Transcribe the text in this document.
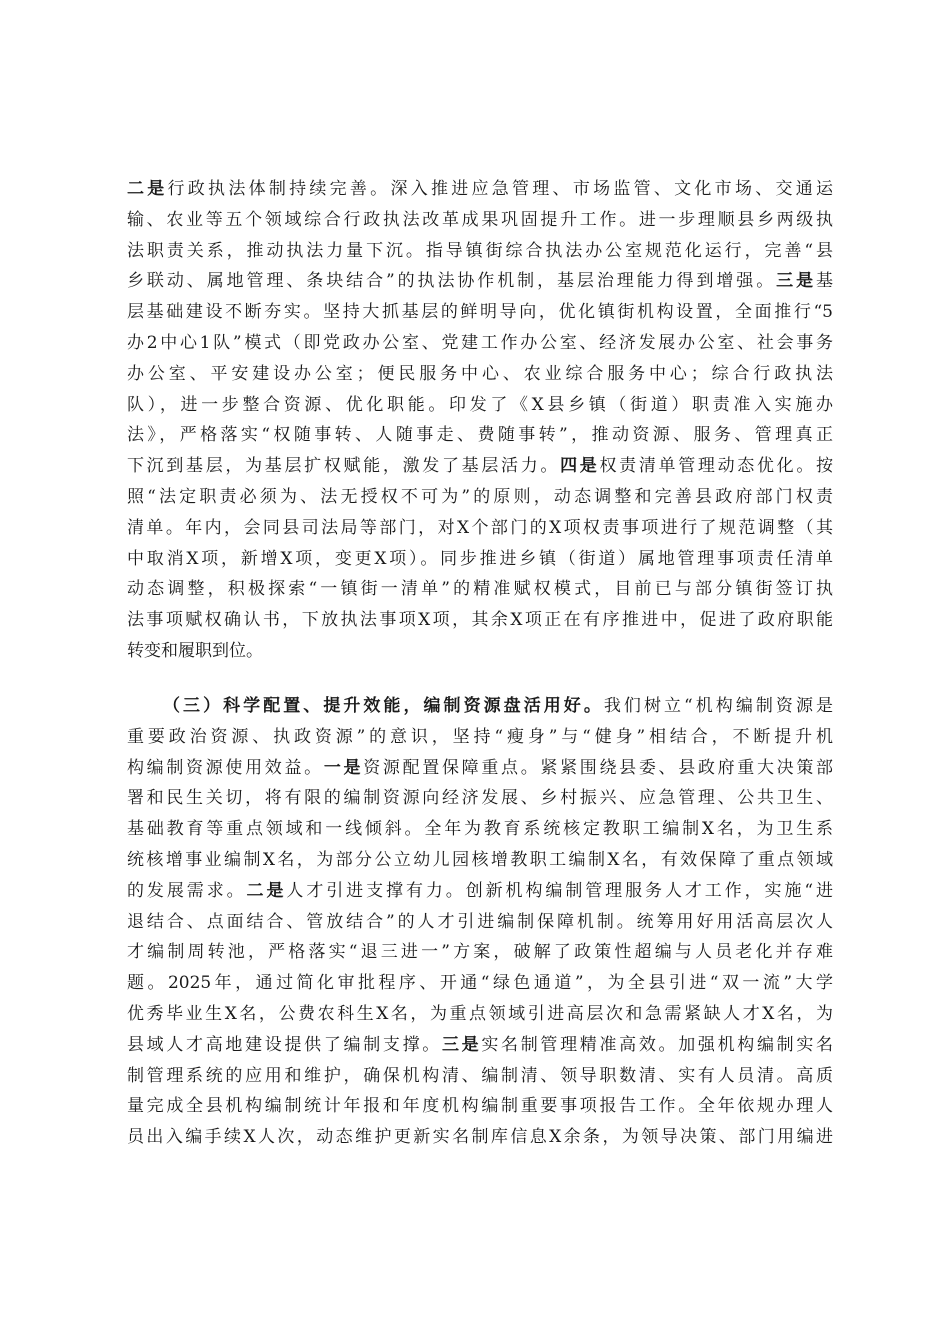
二是行政执法体制持续完善。深入推进应急管理、市场监管、文化市场、交通运
输、农业等五个领域综合行政执法改革成果巩固提升工作。进一步理顺县乡两级执
法职责关系，推动执法力量下沉。指导镇街综合执法办公室规范化运行，完善“县
乡联动、属地管理、条块结合”的执法协作机制，基层治理能力得到增强。三是基
层基础建设不断夯实。坚持大抓基层的鲜明导向，优化镇街机构设置，全面推行“5
办2中心1队”模式（即党政办公室、党建工作办公室、经济发展办公室、社会事务
办公室、平安建设办公室；便民服务中心、农业综合服务中心；综合行政执法
队），进一步整合资源、优化职能。印发了《X县乡镇（街道）职责准入实施办
法》，严格落实“权随事转、人随事走、费随事转”，推动资源、服务、管理真正
下沉到基层，为基层扩权赋能，激发了基层活力。四是权责清单管理动态优化。按
照“法定职责必须为、法无授权不可为”的原则，动态调整和完善县政府部门权责
清单。年内，会同县司法局等部门，对X个部门的X项权责事项进行了规范调整（其
中取消X项，新增X项，变更X项）。同步推进乡镇（街道）属地管理事项责任清单
动态调整，积极探索“一镇街一清单”的精准赋权模式，目前已与部分镇街签订执
法事项赋权确认书，下放执法事项X项，其余X项正在有序推进中，促进了政府职能
转变和履职到位。
（三）科学配置、提升效能，编制资源盘活用好。我们树立“机构编制资源是
重要政治资源、执政资源”的意识，坚持“瘦身”与“健身”相结合，不断提升机
构编制资源使用效益。一是资源配置保障重点。紧紧围绕县委、县政府重大决策部
署和民生关切，将有限的编制资源向经济发展、乡村振兴、应急管理、公共卫生、
基础教育等重点领域和一线倾斜。全年为教育系统核定教职工编制X名，为卫生系
统核增事业编制X名，为部分公立幼儿园核增教职工编制X名，有效保障了重点领域
的发展需求。二是人才引进支撑有力。创新机构编制管理服务人才工作，实施“进
退结合、点面结合、管放结合”的人才引进编制保障机制。统筹用好用活高层次人
才编制周转池，严格落实“退三进一”方案，破解了政策性超编与人员老化并存难
题。2025年，通过简化审批程序、开通“绿色通道”，为全县引进“双一流”大学
优秀毕业生X名，公费农科生X名，为重点领域引进高层次和急需紧缺人才X名，为
县域人才高地建设提供了编制支撑。三是实名制管理精准高效。加强机构编制实名
制管理系统的应用和维护，确保机构清、编制清、领导职数清、实有人员清。高质
量完成全县机构编制统计年报和年度机构编制重要事项报告工作。全年依规办理人
员出入编手续X人次，动态维护更新实名制库信息X余条，为领导决策、部门用编进
